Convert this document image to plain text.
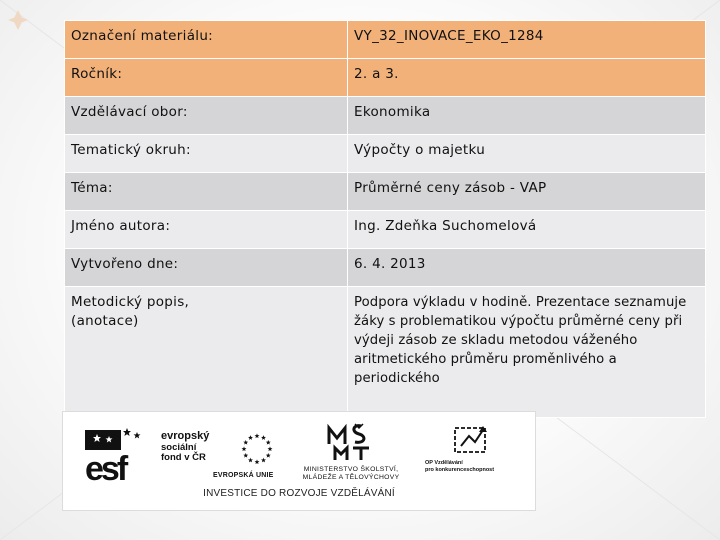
Označení materiálu:	VY_32_INOVACE_EKO_1284
Ročník:	2. a 3.
Vzdělávací obor:	Ekonomika
Tematický okruh:	Výpočty o majetku
Téma:	Průměrné ceny zásob - VAP
Jméno autora:	Ing. Zdeňka Suchomelová
Vytvořeno dne:	6. 4. 2013

Metodický popis,
(anotace)	Podpora výkladu v hodině. Prezentace seznamuje žáky s problematikou výpočtu průměrné ceny při výdeji zásob ze skladu metodou váženého aritmetického průměru proměnlivého a periodického
esf
evropský
sociální
fond v ČR
EVROPSKÁ UNIE
MINISTERSTVO ŠKOLSTVÍ,
MLÁDEŽE A TĚLOVÝCHOVY
OP Vzdělávání
pro konkurenceschopnost
INVESTICE DO ROZVOJE VZDĚLÁVÁNÍ
